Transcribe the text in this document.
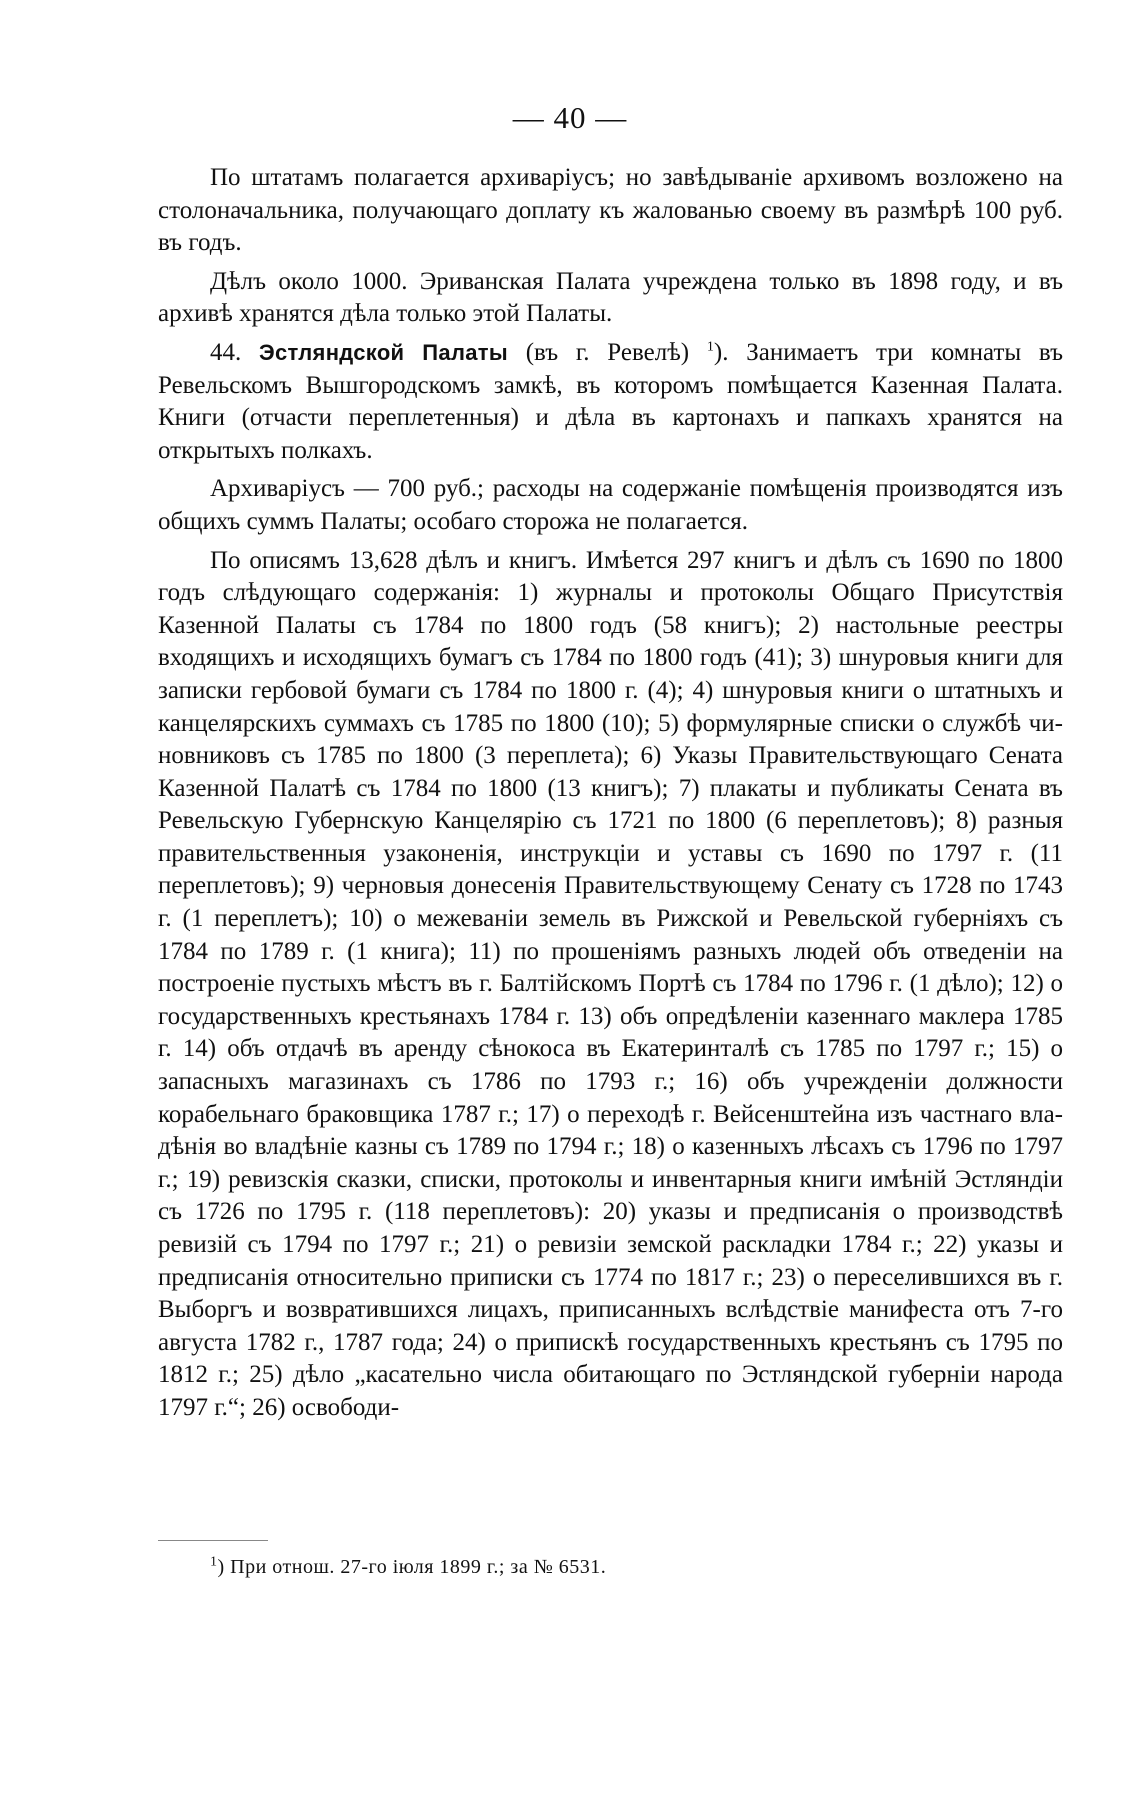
— 40 —

По штатамъ полагается архиваріусъ; но завѣдываніе архивомъ возложено на столоначальника, получающаго доплату къ жалованью своему въ размѣрѣ 100 руб. въ годъ.

Дѣлъ около 1000. Эриванская Палата учреждена только въ 1898 году, и въ архивѣ хранятся дѣла только этой Палаты.

44. Эстляндской Палаты (въ г. Ревелѣ) $^1$). Занимаетъ три комнаты въ Ревельскомъ Вышгородскомъ замкѣ, въ которомъ помѣщается Казенная Палата. Книги (отчасти переплетенныя) и дѣла въ картонахъ и папкахъ хранятся на открытыхъ полкахъ.

Архиваріусъ — 700 руб.; расходы на содержаніе помѣщенія производятся изъ общихъ суммъ Палаты; особаго сторожа не полагается.

По описямъ 13,628 дѣлъ и книгъ. Имѣется 297 книгъ и дѣлъ съ 1690 по 1800 годъ слѣдующаго содержанія: 1) журналы и протоколы Общаго Присутствія Казенной Палаты съ 1784 по 1800 годъ (58 книгъ); 2) настольные реестры входящихъ и исходящихъ бумагъ съ 1784 по 1800 годъ (41); 3) шнуровыя книги для записки гербовой бумаги съ 1784 по 1800 г. (4); 4) шнуровыя книги о штатныхъ и канцелярскихъ суммахъ съ 1785 по 1800 (10); 5) формулярные списки о службѣ чиновниковъ съ 1785 по 1800 (3 переплета); 6) Указы Правительствующаго Сената Казенной Палатѣ съ 1784 по 1800 (13 книгъ); 7) плакаты и публикаты Сената въ Ревельскую Губернскую Канцелярію съ 1721 по 1800 (6 переплетовъ); 8) разныя правительственныя узаконенія, инструкціи и уставы съ 1690 по 1797 г. (11 переплетовъ); 9) черновыя донесенія Правительствующему Сенату съ 1728 по 1743 г. (1 переплетъ); 10) о межеваніи земель въ Рижской и Ревельской губерніяхъ съ 1784 по 1789 г. (1 книга); 11) по прошеніямъ разныхъ людей объ отведеніи на построеніе пустыхъ мѣстъ въ г. Балтійскомъ Портѣ съ 1784 по 1796 г. (1 дѣло); 12) о государственныхъ крестьянахъ 1784 г. 13) объ опредѣленіи казеннаго маклера 1785 г. 14) объ отдачѣ въ аренду сѣнокоса въ Екатеринталѣ съ 1785 по 1797 г.; 15) о запасныхъ магазинахъ съ 1786 по 1793 г.; 16) объ учрежденіи должности корабельнаго браковщика 1787 г.; 17) о переходѣ г. Вейсенштейна изъ частнаго владѣнія во владѣніе казны съ 1789 по 1794 г.; 18) о казенныхъ лѣсахъ съ 1796 по 1797 г.; 19) ревизскія сказки, списки, протоколы и инвентарныя книги имѣній Эстляндіи съ 1726 по 1795 г. (118 переплетовъ): 20) указы и предписанія о производствѣ ревизій съ 1794 по 1797 г.; 21) о ревизіи земской раскладки 1784 г.; 22) указы и предписанія относительно приписки съ 1774 по 1817 г.; 23) о переселившихся въ г. Выборгъ и возвратившихся лицахъ, приписанныхъ вслѣдствіе манифеста отъ 7-го августа 1782 г., 1787 года; 24) о припискѣ государственныхъ крестьянъ съ 1795 по 1812 г.; 25) дѣло „касательно числа обитающаго по Эстляндской губерніи народа 1797 г.“; 26) освободи-

$^1$) При отнош. 27-го іюля 1899 г.; за № 6531.
